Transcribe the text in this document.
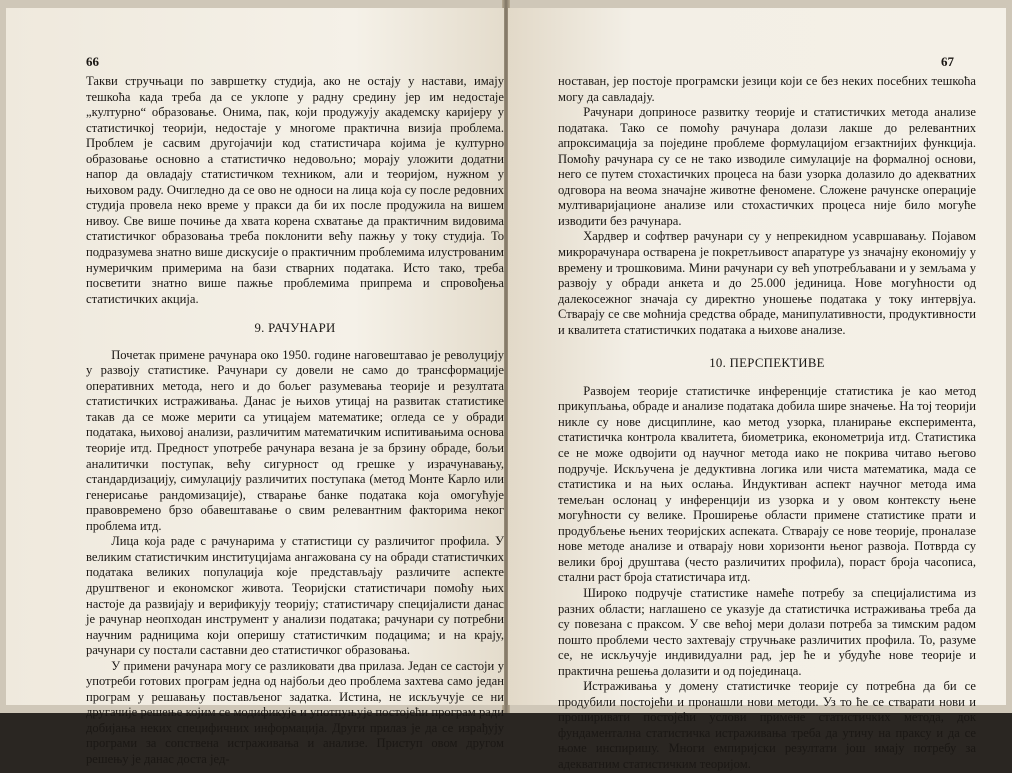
66

Такви стручњаци по завршетку студија, ако не остају у настави, имају тешкоћа када треба да се уклопе у радну средину јер им недостаје „културно“ образовање. Онима, пак, који продужују академску каријеру у статистичкој теорији, недостаје у многоме практична визија проблема. Проблем је сасвим другојачији код статистичара којима је културно образовање основно а статистичко недовољно; морају уложити додатни напор да овладају статистичком техником, али и теоријом, нужном у њиховом раду. Очигледно да се ово не односи на лица која су после редовних студија провела неко време у пракси да би их после продужила на вишем нивоу. Све више почиње да хвата корена схватање да практичним видовима статистичког образовања треба поклонити већу пажњу у току студија. То подразумева знатно више дискусије о практичним проблемима илустрованим нумеричким примерима на бази стварних података. Исто тако, треба посветити знатно више пажње проблемима припрема и спровођења статистичких акција.

9. РАЧУНАРИ

Почетак примене рачунара око 1950. године наговештавао је револуцију у развоју статистике. Рачунари су довели не само до трансформације оперативних метода, него и до бољег разумевања теорије и резултата статистичких истраживања. Данас је њихов утицај на развитак статистике такав да се може мерити са утицајем математике; огледа се у обради података, њиховој анализи, различитим математичким испитивањима основа теорије итд. Предност употребе рачунара везана је за брзину обраде, бољи аналитички поступак, већу сигурност од грешке у израчунавању, стандардизацију, симулацију различитих поступака (метод Монте Карло или генерисање рандомизације), стварање банке података која омогућује правовремено брзо обавештавање о свим релевантним факторима неког проблема итд.

Лица која раде с рачунарима у статистици су различитог профила. У великим статистичким институцијама ангажована су на обради статистичких података великих популација које представљају различите аспекте друштвеног и економског живота. Теоријски статистичари помоћу њих настоје да развијају и верификују теорију; статистичару специјалисти данас је рачунар неопходан инструмент у анализи података; рачунари су потребни научним радницима који оперишу статистичким подацима; и на крају, рачунари су постали саставни део статистичког образовања.

У примени рачунара могу се разликовати два прилаза. Један се састоји у употреби готових програм једна од најбољи део проблема захтева само један програм у решавању постављеног задатка. Истина, не искључује се ни другачије решење којим се модификује и употпуњује постојећи програм ради добијања неких специфичних информација. Други прилаз је да се израђују програми за сопствена истраживања и анализе. Приступ овом другом решењу је данас доста јед-

67

ноставан, јер постоје програмски језици који се без неких посебних тешкоћа могу да савладају.

Рачунари доприносе развитку теорије и статистичких метода анализе података. Тако се помоћу рачунара долази лакше до релевантних апроксимација за поједине проблеме формулацијом егзактнијих функција. Помоћу рачунара су се не тако изводиле симулације на формалној основи, него се путем стохастичких процеса на бази узорка долазило до адекватних одговора на веома значајне животне феномене. Сложене рачунске операције мултиваријационе анализе или стохастичких процеса није било могуће изводити без рачунара.

Хардвер и софтвер рачунари су у непрекидном усавршавању. Појавом микрорачунара остварена је покретљивост апаратуре уз значајну економију у времену и трошковима. Мини рачунари су већ употребљавани и у земљама у развоју у обради анкета и до 25.000 јединица. Нове могућности од далекосежног значаја су директно уношење података у току интервјуа. Стварају се све моћнија средства обраде, манипулативности, продуктивности и квалитета статистичких података а њихове анализе.

10. ПЕРСПЕКТИВЕ

Развојем теорије статистичке инференције статистика је као метод прикупљања, обраде и анализе података добила шире значење. На тој теорији никле су нове дисциплине, као метод узорка, планирање експеримента, статистичка контрола квалитета, биометрика, економетрија итд. Статистика се не може одвојити од научног метода иако не покрива читаво његово подручје. Искључена је дедуктивна логика или чиста математика, мада се статистика и на њих ослања. Индуктиван аспект научног метода има темељан ослонац у инференцији из узорка и у овом контексту њене могућности су велике. Проширење области примене статистике прати и продубљење њених теоријских аспеката. Стварају се нове теорије, проналазе нове методе анализе и отварају нови хоризонти њеног развоја. Потврда су велики број друштава (често различитих профила), пораст броја часописа, стални раст броја статистичара итд.

Широко подручје статистике намеће потребу за специјалистима из разних области; наглашено се указује да статистичка истраживања треба да су повезана с праксом. У све већој мери долази потреба за тимским радом пошто проблеми често захтевају стручњаке различитих профила. То, разуме се, не искључује индивидуални рад, јер ће и убудуће нове теорије и практична решења долазити и од појединаца.

Истраживања у домену статистичке теорије су потребна да би се продубили постојећи и пронашли нови методи. Уз то ће се стварати нови и проширивати постојећи услови примене статистичких метода, док фундаментална статистичка истраживања треба да утичу на праксу и да се њоме инспиришу. Многи емпиријски резултати још имају потребу за адекватним статистичким теоријом.
